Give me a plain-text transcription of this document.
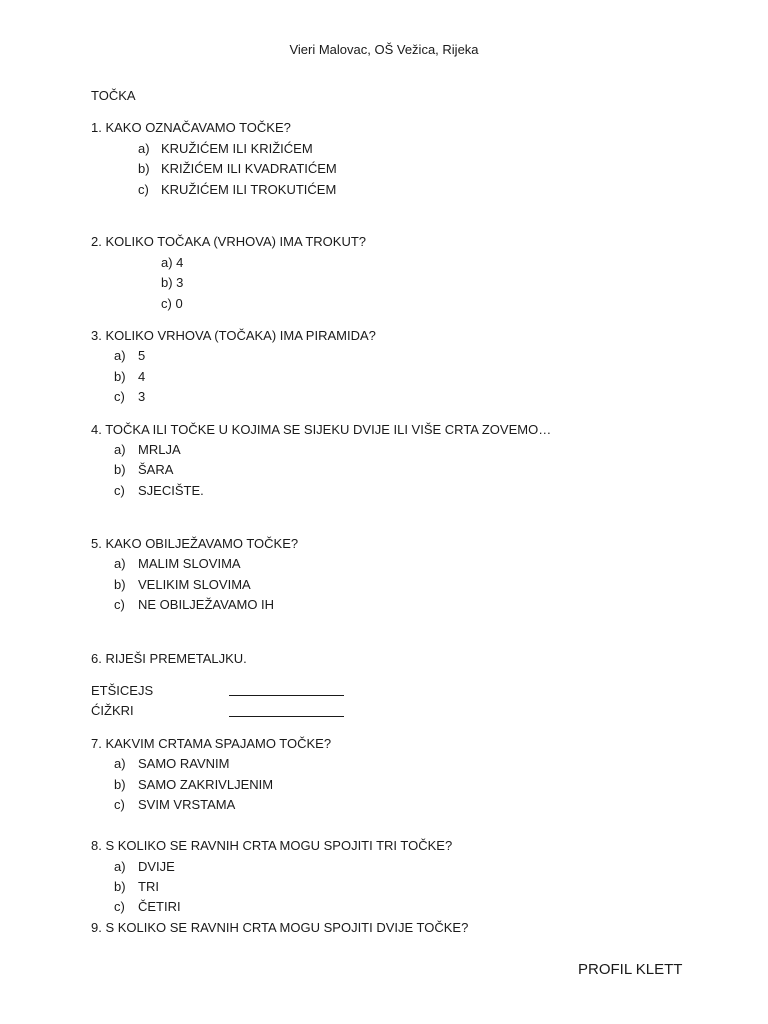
Vieri Malovac, OŠ Vežica, Rijeka
TOČKA
1. KAKO OZNAČAVAMO TOČKE?
a) KRUŽIĆEM ILI KRIŽIĆEM
b) KRIŽIĆEM ILI KVADRATIĆEM
c) KRUŽIĆEM ILI TROKUTIĆEM
2. KOLIKO TOČAKA (VRHOVA) IMA TROKUT?
a) 4
b) 3
c) 0
3. KOLIKO VRHOVA (TOČAKA) IMA PIRAMIDA?
a) 5
b) 4
c) 3
4. TOČKA ILI TOČKE U KOJIMA SE SIJEKU DVIJE ILI VIŠE CRTA ZOVEMO…
a) MRLJA
b) ŠARA
c) SJECIŠTE.
5. KAKO OBILJEŽAVAMO TOČKE?
a) MALIM SLOVIMA
b) VELIKIM SLOVIMA
c) NE OBILJEŽAVAMO IH
6. RIJEŠI PREMETALJKU.
ETŠICEJS
ĆIŽKRI
7. KAKVIM CRTAMA SPAJAMO TOČKE?
a) SAMO RAVNIM
b) SAMO ZAKRIVLJENIM
c) SVIM VRSTAMA
8. S KOLIKO SE RAVNIH CRTA MOGU SPOJITI TRI TOČKE?
a) DVIJE
b) TRI
c) ČETIRI
9. S KOLIKO SE RAVNIH CRTA MOGU SPOJITI DVIJE TOČKE?
PROFIL KLETT
